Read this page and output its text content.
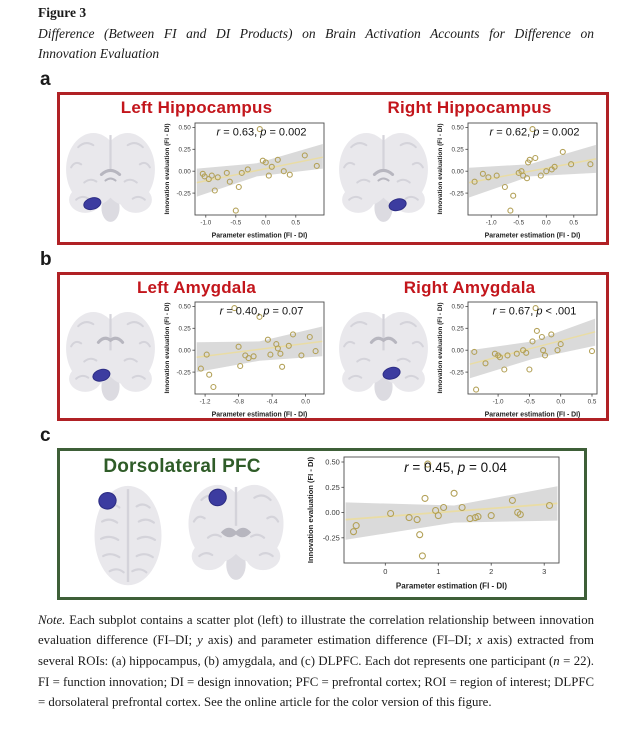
Figure 3
Difference (Between FI and DI Products) on Brain Activation Accounts for Difference on
Innovation Evaluation
a
Left Hippocampus
-1.0	-0.5	0.0	0.5
0.50
0.25
0.00
-0.25
Parameter estimation (FI - DI)
Innovation evaluation (FI - DI)	r = 0.63, p = 0.002
Right Hippocampus
-1.0	-0.5	0.0	0.5
0.50
0.25
0.00
-0.25
Parameter estimation (FI - DI)
Innovation evaluation (FI - DI)	r = 0.62, p = 0.002
b
Left Amygdala
-1.2	-0.8	-0.4	0.0
0.50
0.25
0.00
-0.25
Parameter estimation (FI - DI)
Innovation evaluation (FI - DI)	r = 0.40, p = 0.07
Right Amygdala
-1.0	-0.5	0.0	0.5
0.50
0.25
0.00
-0.25
Parameter estimation (FI - DI)
Innovation evaluation (FI - DI)	r = 0.67, p < .001
c
Dorsolateral PFC
0	1	2	3
0.50
0.25
0.00
-0.25
Parameter estimation (FI - DI)
Innovation evaluation (FI - DI)	r = 0.45, p = 0.04

Note. Each subplot contains a scatter plot (left) to illustrate the correlation relationship between innovation evaluation difference (FI–DI; y axis) and parameter estimation difference (FI–DI; x axis) extracted from several ROIs: (a) hippocampus, (b) amygdala, and (c) DLPFC. Each dot represents one participant (n = 22). FI = function innovation; DI = design innovation; PFC = prefrontal cortex; ROI = region of interest; DLPFC = dorsolateral prefrontal cortex. See the online article for the color version of this figure.
